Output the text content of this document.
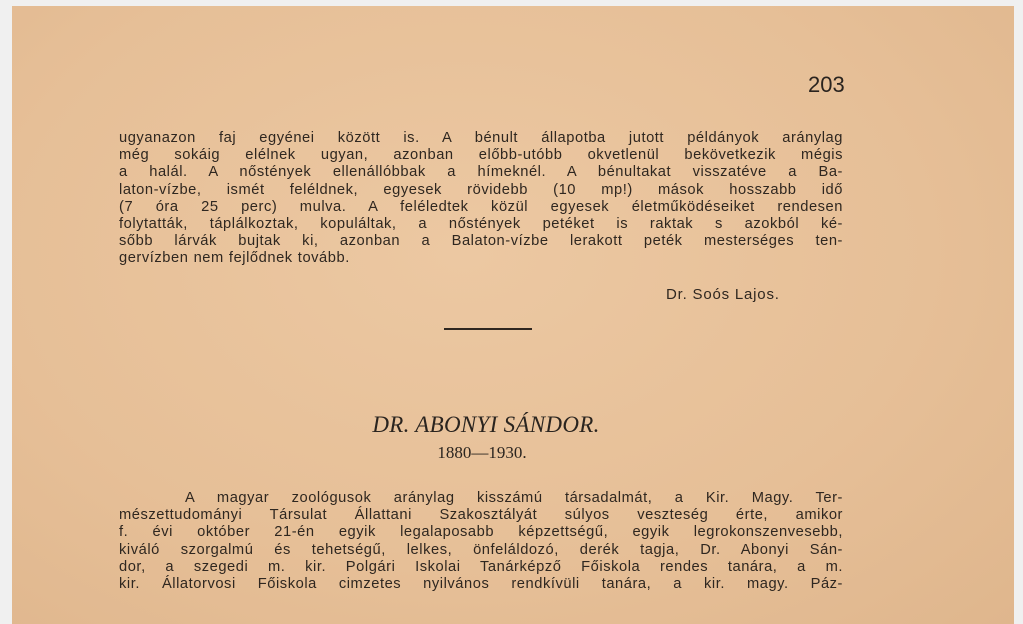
203
ugyanazon faj egyénei között is. A bénult állapotba jutott példányok aránylag
még sokáig elélnek ugyan, azonban előbb-utóbb okvetlenül bekövetkezik mégis
a halál. A nőstények ellenállóbbak a hímeknél. A bénultakat visszatéve a Ba-
laton-vízbe, ismét feléldnek, egyesek rövidebb (10 mp!) mások hosszabb idő
(7 óra 25 perc) mulva. A feléledtek közül egyesek életműködéseiket rendesen
folytatták, táplálkoztak, kopuláltak, a nőstények petéket is raktak s azokból ké-
sőbb lárvák bujtak ki, azonban a Balaton-vízbe lerakott peték mesterséges ten-
gervízben nem fejlődnek tovább.
Dr. Soós Lajos.
DR. ABONYI SÁNDOR.
1880—1930.
A magyar zoológusok aránylag kisszámú társadalmát, a Kir. Magy. Ter-
mészettudományi Társulat Állattani Szakosztályát súlyos veszteség érte, amikor
f. évi október 21-én egyik legalaposabb képzettségű, egyik legrokonszenvesebb,
kiváló szorgalmú és tehetségű, lelkes, önfeláldozó, derék tagja, Dr. Abonyi Sán-
dor, a szegedi m. kir. Polgári Iskolai Tanárképző Főiskola rendes tanára, a m.
kir. Állatorvosi Főiskola cimzetes nyilvános rendkívüli tanára, a kir. magy. Páz-
